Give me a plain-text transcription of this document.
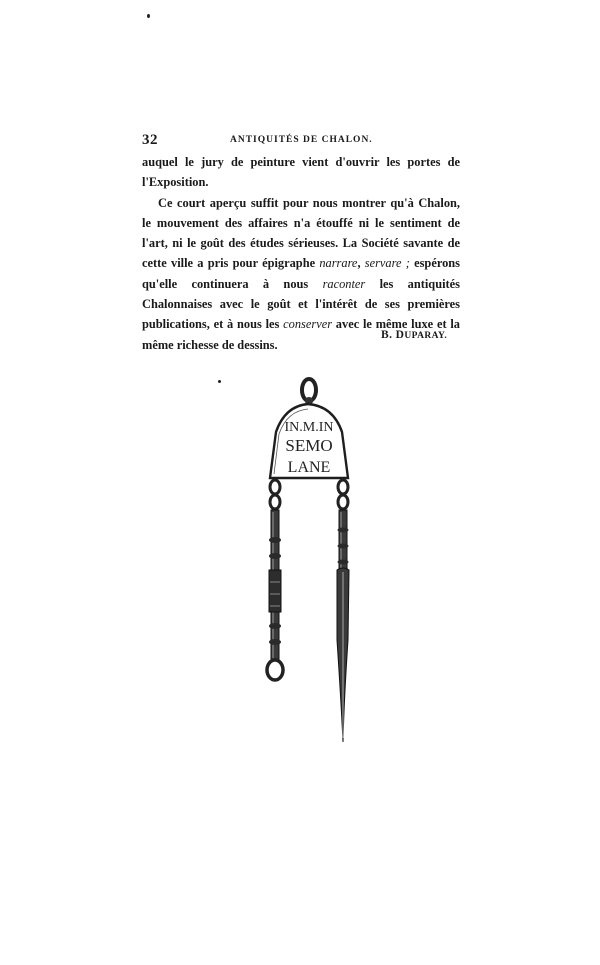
32	ANTIQUITÉS DE CHALON.

auquel le jury de peinture vient d'ouvrir les portes de l'Exposition.

Ce court aperçu suffit pour nous montrer qu'à Chalon, le mouvement des affaires n'a étouffé ni le sentiment de l'art, ni le goût des études sérieuses. La Société savante de cette ville a pris pour épigraphe narrare, servare ; espérons qu'elle continuera à nous raconter les antiquités Chalonnaises avec le goût et l'intérêt de ses premières publications, et à nous les conserver avec le même luxe et la même richesse de dessins.

B. DUPARAY.
IN.M.IN
SEMO
LANE
